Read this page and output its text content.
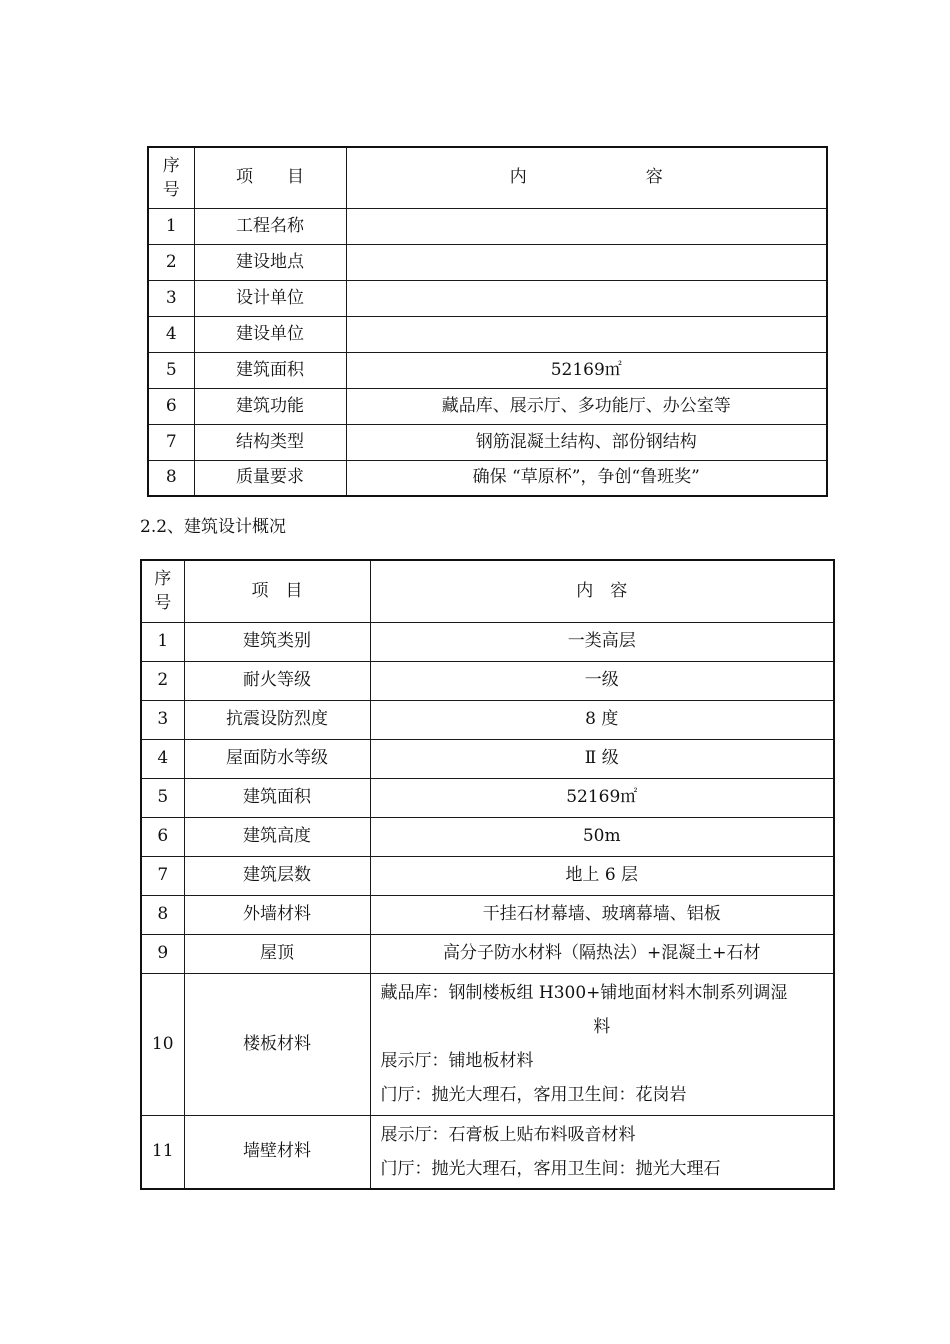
序
号	项　　目	内　　　　　　　容
1	工程名称	
2	建设地点	
3	设计单位	
4	建设单位	
5	建筑面积	52169㎡
6	建筑功能	藏品库、展示厅、多功能厅、办公室等
7	结构类型	钢筋混凝土结构、部份钢结构
8	质量要求	确保 “草原杯”，争创“鲁班奖”
2.2、建筑设计概况
序
号	项　目	内　容
1	建筑类别	一类高层
2	耐火等级	一级
3	抗震设防烈度	8 度
4	屋面防水等级	Ⅱ 级
5	建筑面积	52169㎡
6	建筑高度	50m
7	建筑层数	地上 6 层
8	外墙材料	干挂石材幕墙、玻璃幕墙、铝板
9	屋顶	高分子防水材料（隔热法）+混凝土+石材
10	楼板材料	藏品库：钢制楼板组 H300+铺地面材料木制系列调湿
料
展示厅：铺地板材料
门厅：抛光大理石，客用卫生间：花岗岩

11	墙壁材料	展示厅：石膏板上贴布料吸音材料
门厅：抛光大理石，客用卫生间：抛光大理石
